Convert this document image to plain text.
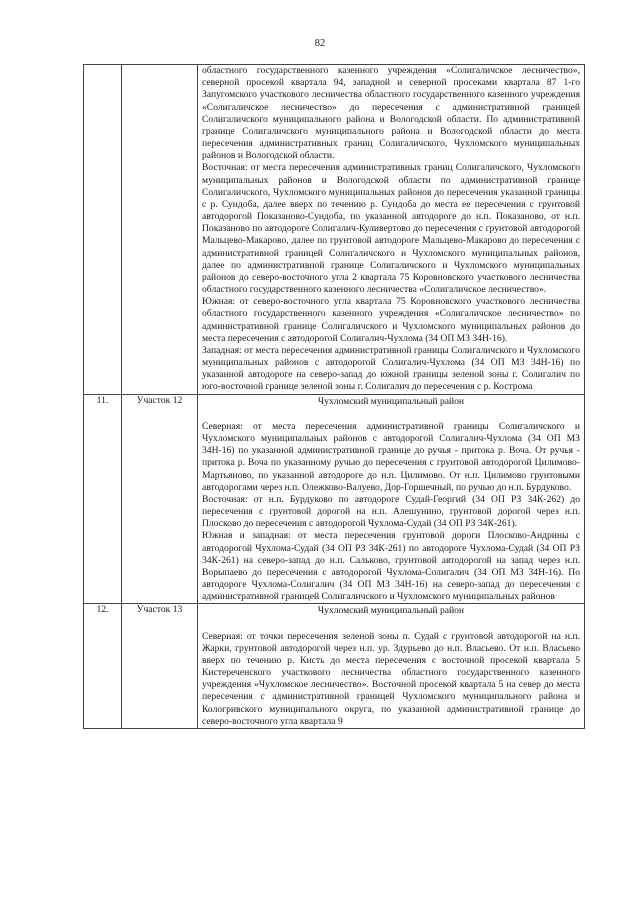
82

		областного государственного казенного учреждения «Солигаличское лесничество», северной просекой квартала 94, западной и северной просеками квартала 87 1-го Запугомского участкового лесничества областного государственного казенного учреждения «Солигаличское лесничество» до пересечения с административной границей Солигаличского муниципального района и Вологодской области. По административной границе Солигаличского муниципального района и Вологодской области до места пересечения административных границ Солигаличского, Чухломского муниципальных районов и Вологодской области.

Восточная: от места пересечения административных границ Солигаличского, Чухломского муниципальных районов и Вологодской области по административной границе Солигаличского, Чухломского муниципальных районов до пересечения указанной границы с р. Сундоба, далее вверх по течению р. Сундоба до места ее пересечения с грунтовой автодорогой Показаново-Сундоба, по указанной автодороге до н.п. Показаново, от н.п. Показаново по автодороге Солигалич-Куливертово до пересечения с грунтовой автодорогой Мальцево-Макарово, далее по грунтовой автодороге Мальцево-Макарово до пересечения с административной границей Солигаличского и Чухломского муниципальных районов, далее по административной границе Солигаличского и Чухломского муниципальных районов до северо-восточного угла 2 квартала 75 Коровновского участкового лесничества областного государственного казенного лесничества «Солигаличское лесничество».

Южная: от северо-восточного угла квартала 75 Коровновского участкового лесничества областного государственного казенного учреждения «Солигаличское лесничество» по административной границе Солигаличского и Чухломского муниципальных районов до места пересечения с автодорогой Солигалич-Чухлома (34 ОП МЗ 34Н-16).

Западная: от места пересечения административной границы Солигаличского и Чухломского муниципальных районов с автодорогой Солигалич-Чухлома (34 ОП МЗ 34Н-16) по указанной автодороге на северо-запад до южной границы зеленой зоны г. Солигалич по юго-восточной границе зеленой зоны г. Солигалич до пересечения с р. Кострома

11.	Участок 12	Чухломский муниципальный район

Северная: от места пересечения административной границы Солигаличского и Чухломского муниципальных районов с автодорогой Солигалич-Чухлома (34 ОП МЗ 34Н-16) по указанной административной границе до ручья - притока р. Воча. От ручья - притока р. Воча по указанному ручью до пересечения с грунтовой автодорогой Цилимово-Мартьяново, по указанной автодороге до н.п. Цилимово. От н.п. Цилимово грунтовыми автодорогами через н.п. Олежково-Валуево, Дор-Горшечный, по ручью до н.п. Бурдуково.

Восточная: от н.п. Бурдуково по автодороге Судай-Георгий (34 ОП РЗ 34К-262) до пересечения с грунтовой дорогой на н.п. Алешунино, грунтовой дорогой через н.п. Плосково до пересечения с автодорогой Чухлома-Судай (34 ОП РЗ 34К-261).

Южная и западная: от места пересечения грунтовой дороги Плосково-Андрины с автодорогой Чухлома-Судай (34 ОП РЗ 34К-261) по автодороге Чухлома-Судай (34 ОП РЗ 34К-261) на северо-запад до н.п. Сальково, грунтовой автодорогой на запад через н.п. Ворыпаево до пересечения с автодорогой Чухлома-Солигалич (34 ОП МЗ 34Н-16). По автодороге Чухлома-Солигалич (34 ОП МЗ 34Н-16) на северо-запад до пересечения с административной границей Солигаличского и Чухломского муниципальных районов

12.	Участок 13	Чухломский муниципальный район

Северная: от точки пересечения зеленой зоны п. Судай с грунтовой автодорогой на н.п. Жарки, грунтовой автодорогой через н.п. ур. Здурьево до н.п. Власьево. От н.п. Власьево вверх по течению р. Кисть до места пересечения с восточной просекой квартала 5 Кистереченского участкового лесничества областного государственного казенного учреждения «Чухломское лесничество». Восточной просекой квартала 5 на север до места пересечения с административной границей Чухломского муниципального района и Кологривского муниципального округа, по указанной административной границе до северо-восточного угла квартала 9
